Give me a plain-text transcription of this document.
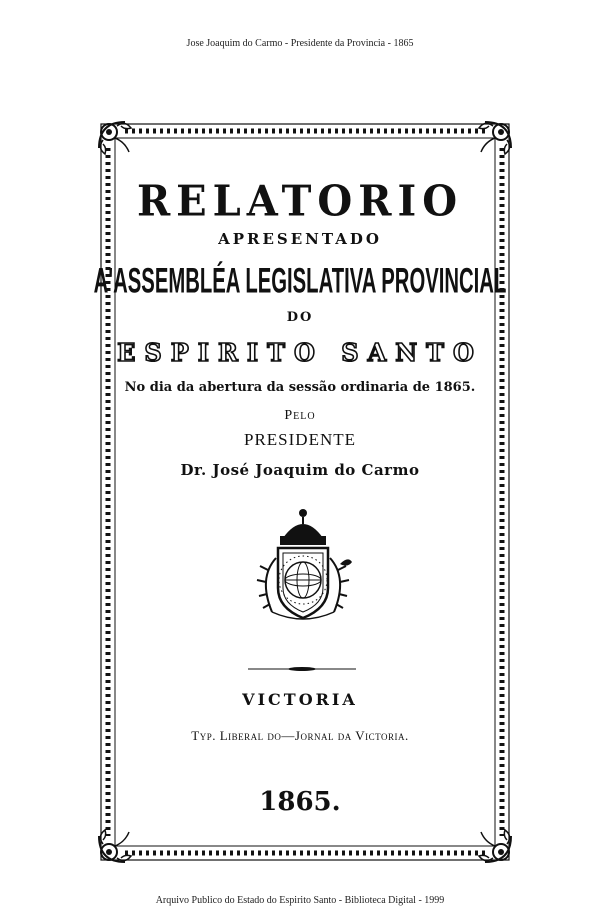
Jose Joaquim do Carmo - Presidente da Provincia - 1865
RELATORIO
APRESENTADO
A'ASSEMBLÉA LEGISLATIVA PROVINCIAL
DO
ESPIRITO SANTO
No dia da abertura da sessão ordinaria de 1865.
Pelo
PRESIDENTE
Dr. José Joaquim do Carmo
VICTORIA
Typ. Liberal do—Jornal da Victoria.
1865.
Arquivo Publico do Estado do Espirito Santo - Biblioteca Digital - 1999
